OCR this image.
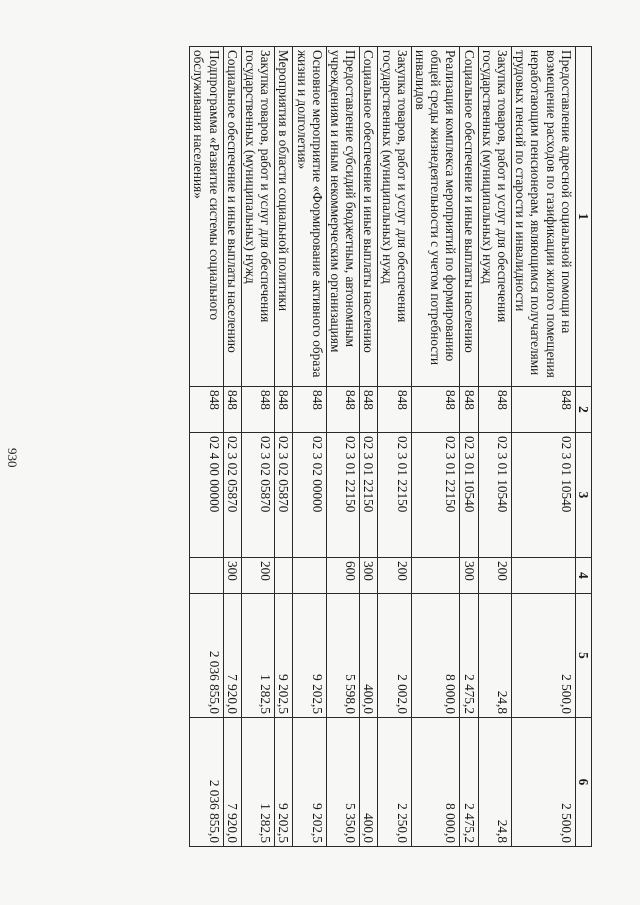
930
1	2	3	4	5	6
Предоставление адресной социальной помощи на возмещение расходов по газификации жилого помещения неработающим пенсионерам, являющимся получателями трудовых пенсий по старости и инвалидности	848	02 3 01 10540		2 500,0	2 500,0
Закупка товаров, работ и услуг для обеспечения государственных (муниципальных) нужд	848	02 3 01 10540	200	24,8	24,8
Социальное обеспечение и иные выплаты населению	848	02 3 01 10540	300	2 475,2	2 475,2
Реализация комплекса мероприятий по формированию общей среды жизнедеятельности с учетом потребности инвалидов	848	02 3 01 22150		8 000,0	8 000,0
Закупка товаров, работ и услуг для обеспечения государственных (муниципальных) нужд	848	02 3 01 22150	200	2 002,0	2 250,0
Социальное обеспечение и иные выплаты населению	848	02 3 01 22150	300	400,0	400,0
Предоставление субсидий бюджетным, автономным учреждениям и иным некоммерческим организациям	848	02 3 01 22150	600	5 598,0	5 350,0
Основное мероприятие «Формирование активного образа жизни и долголетия»	848	02 3 02 00000		9 202,5	9 202,5
Мероприятия в области социальной политики	848	02 3 02 05870		9 202,5	9 202,5
Закупка товаров, работ и услуг для обеспечения государственных (муниципальных) нужд	848	02 3 02 05870	200	1 282,5	1 282,5
Социальное обеспечение и иные выплаты населению	848	02 3 02 05870	300	7 920,0	7 920,0
Подпрограмма «Развитие системы социального обслуживания населения»	848	02 4 00 00000		2 036 855,0	2 036 855,0
